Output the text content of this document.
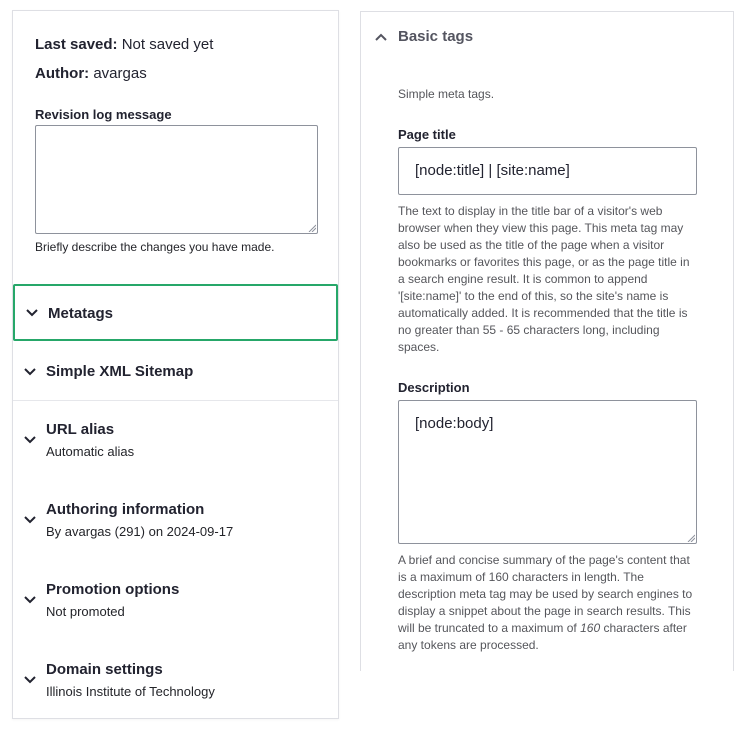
Last saved: Not saved yet
Author: avargas
Revision log message
Briefly describe the changes you have made.
Metatags
Simple XML Sitemap
URL alias
Automatic alias
Authoring information
By avargas (291) on 2024-09-17
Promotion options
Not promoted
Domain settings
Illinois Institute of Technology
Basic tags
Simple meta tags.
Page title
[node:title] | [site:name]
The text to display in the title bar of a visitor's web browser when they view this page. This meta tag may also be used as the title of the page when a visitor bookmarks or favorites this page, or as the page title in a search engine result. It is common to append '[site:name]' to the end of this, so the site's name is automatically added. It is recommended that the title is no greater than 55 - 65 characters long, including spaces.
Description
[node:body]
A brief and concise summary of the page's content that is a maximum of 160 characters in length. The description meta tag may be used by search engines to display a snippet about the page in search results. This will be truncated to a maximum of 160 characters after any tokens are processed.
